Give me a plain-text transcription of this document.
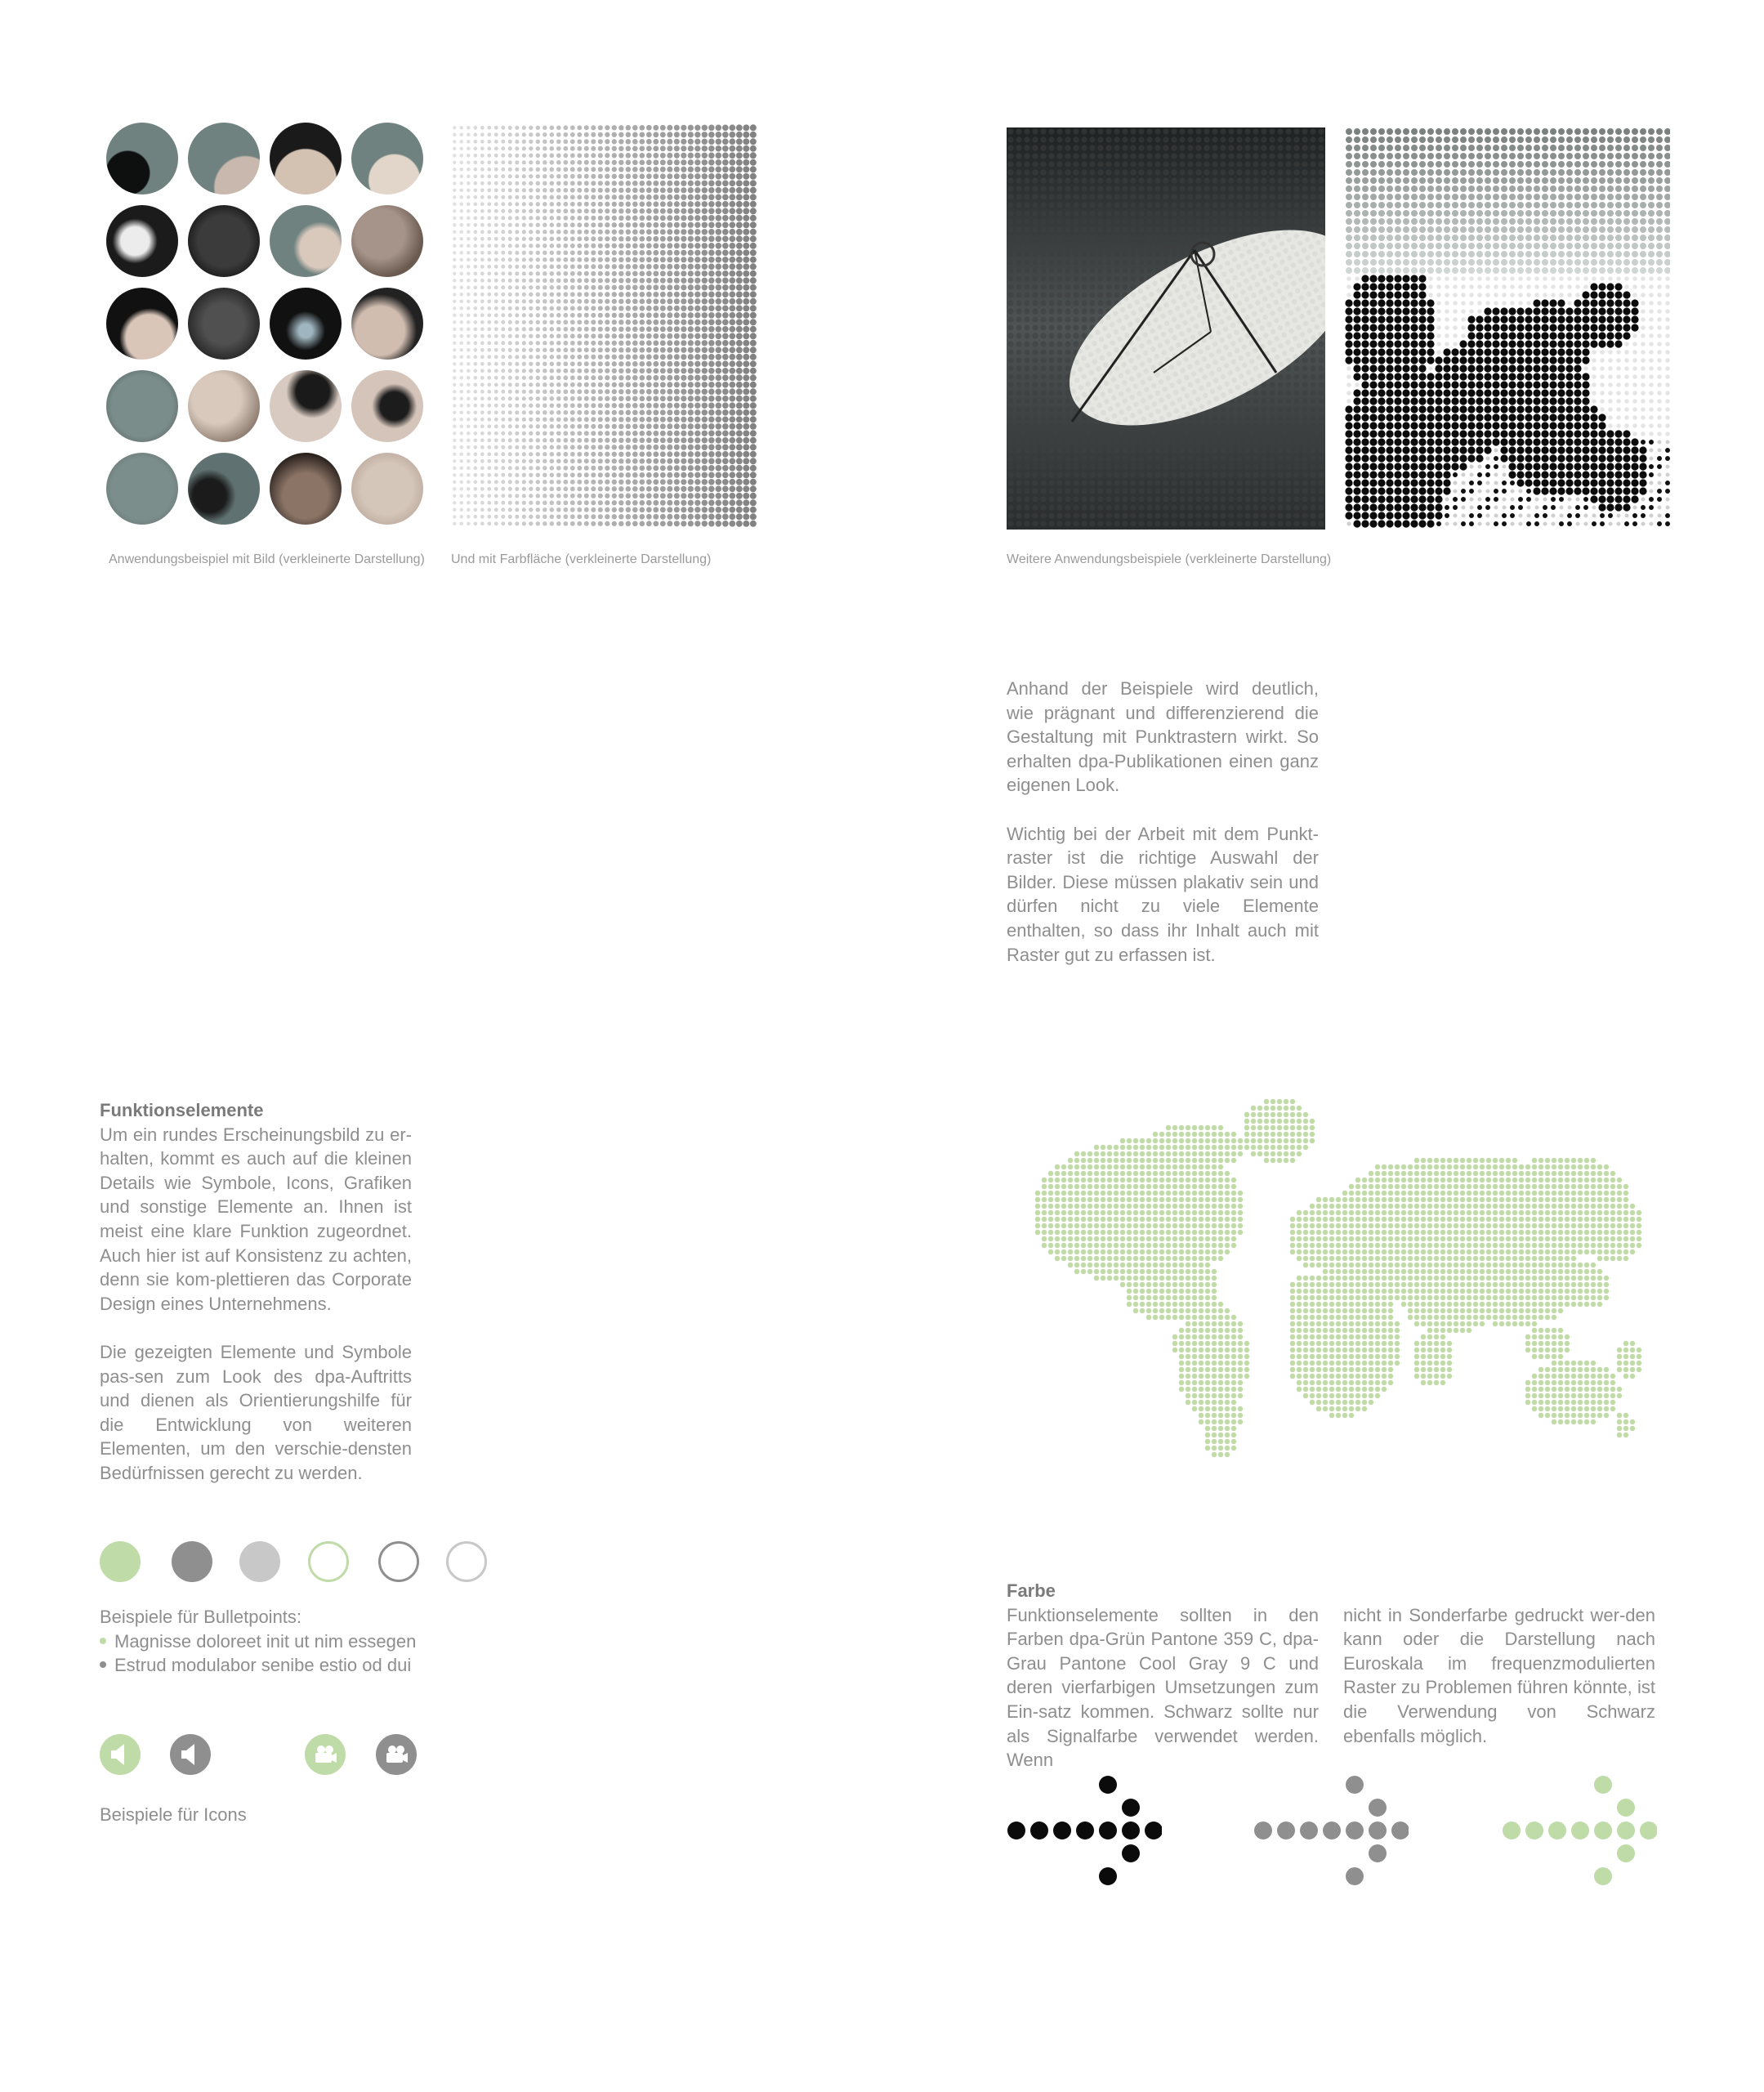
Anwendungsbeispiel mit Bild (verkleinerte Darstellung) Und mit Farbfläche (verkleinerte Darstellung)	Weitere Anwendungsbeispiele (verkleinerte Darstellung)

Anhand der Beispiele wird deutlich, wie prägnant und differenzierend die Gestaltung mit Punktrastern wirkt. So erhalten dpa-Publikationen einen ganz eigenen Look.

Wichtig bei der Arbeit mit dem Punkt-raster ist die richtige Auswahl der Bilder. Diese müssen plakativ sein und dürfen nicht zu viele Elemente enthalten, so dass ihr Inhalt auch mit Raster gut zu erfassen ist.

Funktionselemente

Um ein rundes Erscheinungsbild zu er-halten, kommt es auch auf die kleinen Details wie Symbole, Icons, Grafiken und sonstige Elemente an. Ihnen ist meist eine klare Funktion zugeordnet. Auch hier ist auf Konsistenz zu achten, denn sie kom-plettieren das Corporate Design eines Unternehmens.

Die gezeigten Elemente und Symbole pas-sen zum Look des dpa-Auftritts und dienen als Orientierungshilfe für die Entwicklung von weiteren Elementen, um den verschie-densten Bedürfnissen gerecht zu werden.

Beispiele für Bulletpoints:
Magnisse doloreet init ut nim essegen
Estrud modulabor senibe estio od dui
Beispiele für Icons
Farbe
Funktionselemente sollten in den Farben dpa-Grün Pantone 359 C, dpa-Grau Pantone Cool Gray 9 C und deren vierfarbigen Umsetzungen zum Ein-satz kommen. Schwarz sollte nur als Signalfarbe verwendet werden. Wenn
nicht in Sonderfarbe gedruckt wer-den kann oder die Darstellung nach Euroskala im frequenzmodulierten Raster zu Problemen führen könnte, ist die Verwendung von Schwarz ebenfalls möglich.
